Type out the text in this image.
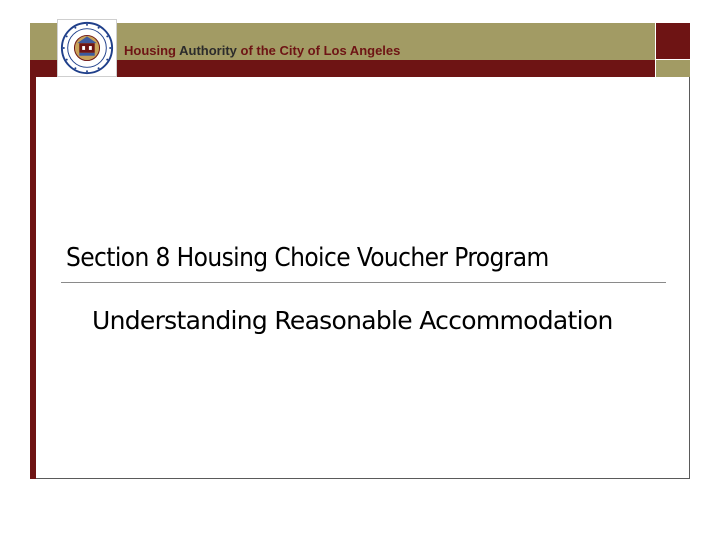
Housing Authority of the City of Los Angeles
Section 8 Housing Choice Voucher Program
Understanding Reasonable Accommodation
